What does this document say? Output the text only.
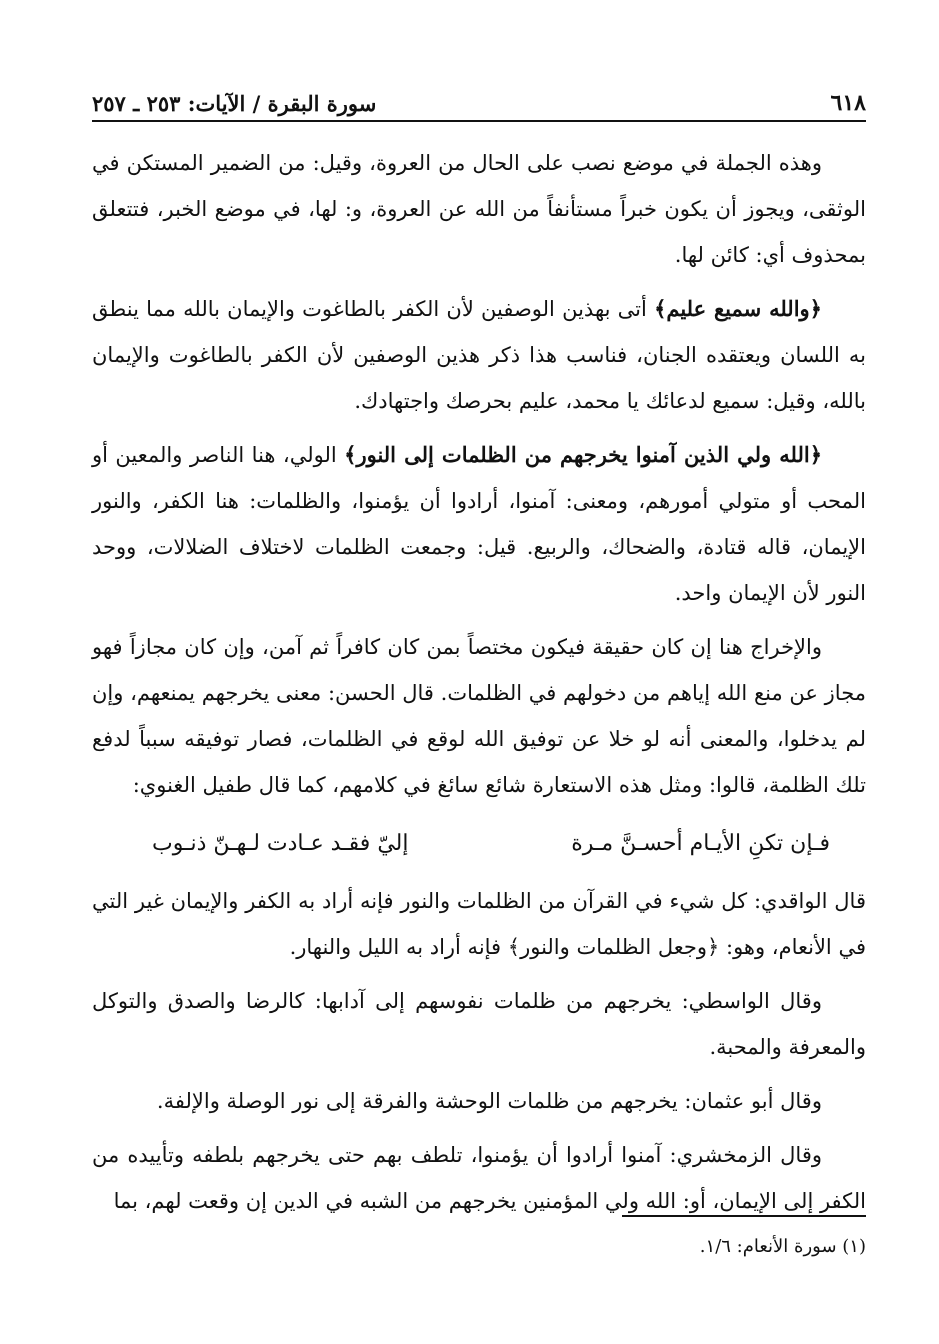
٦١٨
سورة البقرة / الآيات: ٢٥٣ ـ ٢٥٧

وهذه الجملة في موضع نصب على الحال من العروة، وقيل: من الضمير المستكن في الوثقى، ويجوز أن يكون خبراً مستأنفاً من الله عن العروة، و: لها، في موضع الخبر، فتتعلق بمحذوف أي: كائن لها.

﴿والله سميع عليم﴾ أتى بهذين الوصفين لأن الكفر بالطاغوت والإيمان بالله مما ينطق به اللسان ويعتقده الجنان، فناسب هذا ذكر هذين الوصفين لأن الكفر بالطاغوت والإيمان بالله، وقيل: سميع لدعائك يا محمد، عليم بحرصك واجتهادك.

﴿الله ولي الذين آمنوا يخرجهم من الظلمات إلى النور﴾ الولي، هنا الناصر والمعين أو المحب أو متولي أمورهم، ومعنى: آمنوا، أرادوا أن يؤمنوا، والظلمات: هنا الكفر، والنور الإيمان، قاله قتادة، والضحاك، والربيع. قيل: وجمعت الظلمات لاختلاف الضلالات، ووحد النور لأن الإيمان واحد.

والإخراج هنا إن كان حقيقة فيكون مختصاً بمن كان كافراً ثم آمن، وإن كان مجازاً فهو مجاز عن منع الله إياهم من دخولهم في الظلمات. قال الحسن: معنى يخرجهم يمنعهم، وإن لم يدخلوا، والمعنى أنه لو خلا عن توفيق الله لوقع في الظلمات، فصار توفيقه سبباً لدفع تلك الظلمة، قالوا: ومثل هذه الاستعارة شائع سائغ في كلامهم، كما قال طفيل الغنوي:

فـإن تكنِ الأيـام أحسـنَّ مـرة
إليّ فقـد عـادت لـهـنّ ذنـوب

قال الواقدي: كل شيء في القرآن من الظلمات والنور فإنه أراد به الكفر والإيمان غير التي في الأنعام، وهو: ﴿وجعل الظلمات والنور﴾ فإنه أراد به الليل والنهار.

وقال الواسطي: يخرجهم من ظلمات نفوسهم إلى آدابها: كالرضا والصدق والتوكل والمعرفة والمحبة.

وقال أبو عثمان: يخرجهم من ظلمات الوحشة والفرقة إلى نور الوصلة والإلفة.

وقال الزمخشري: آمنوا أرادوا أن يؤمنوا، تلطف بهم حتى يخرجهم بلطفه وتأييده من الكفر إلى الإيمان، أو: الله ولي المؤمنين يخرجهم من الشبه في الدين إن وقعت لهم، بما

(١) سورة الأنعام: ١/٦.
